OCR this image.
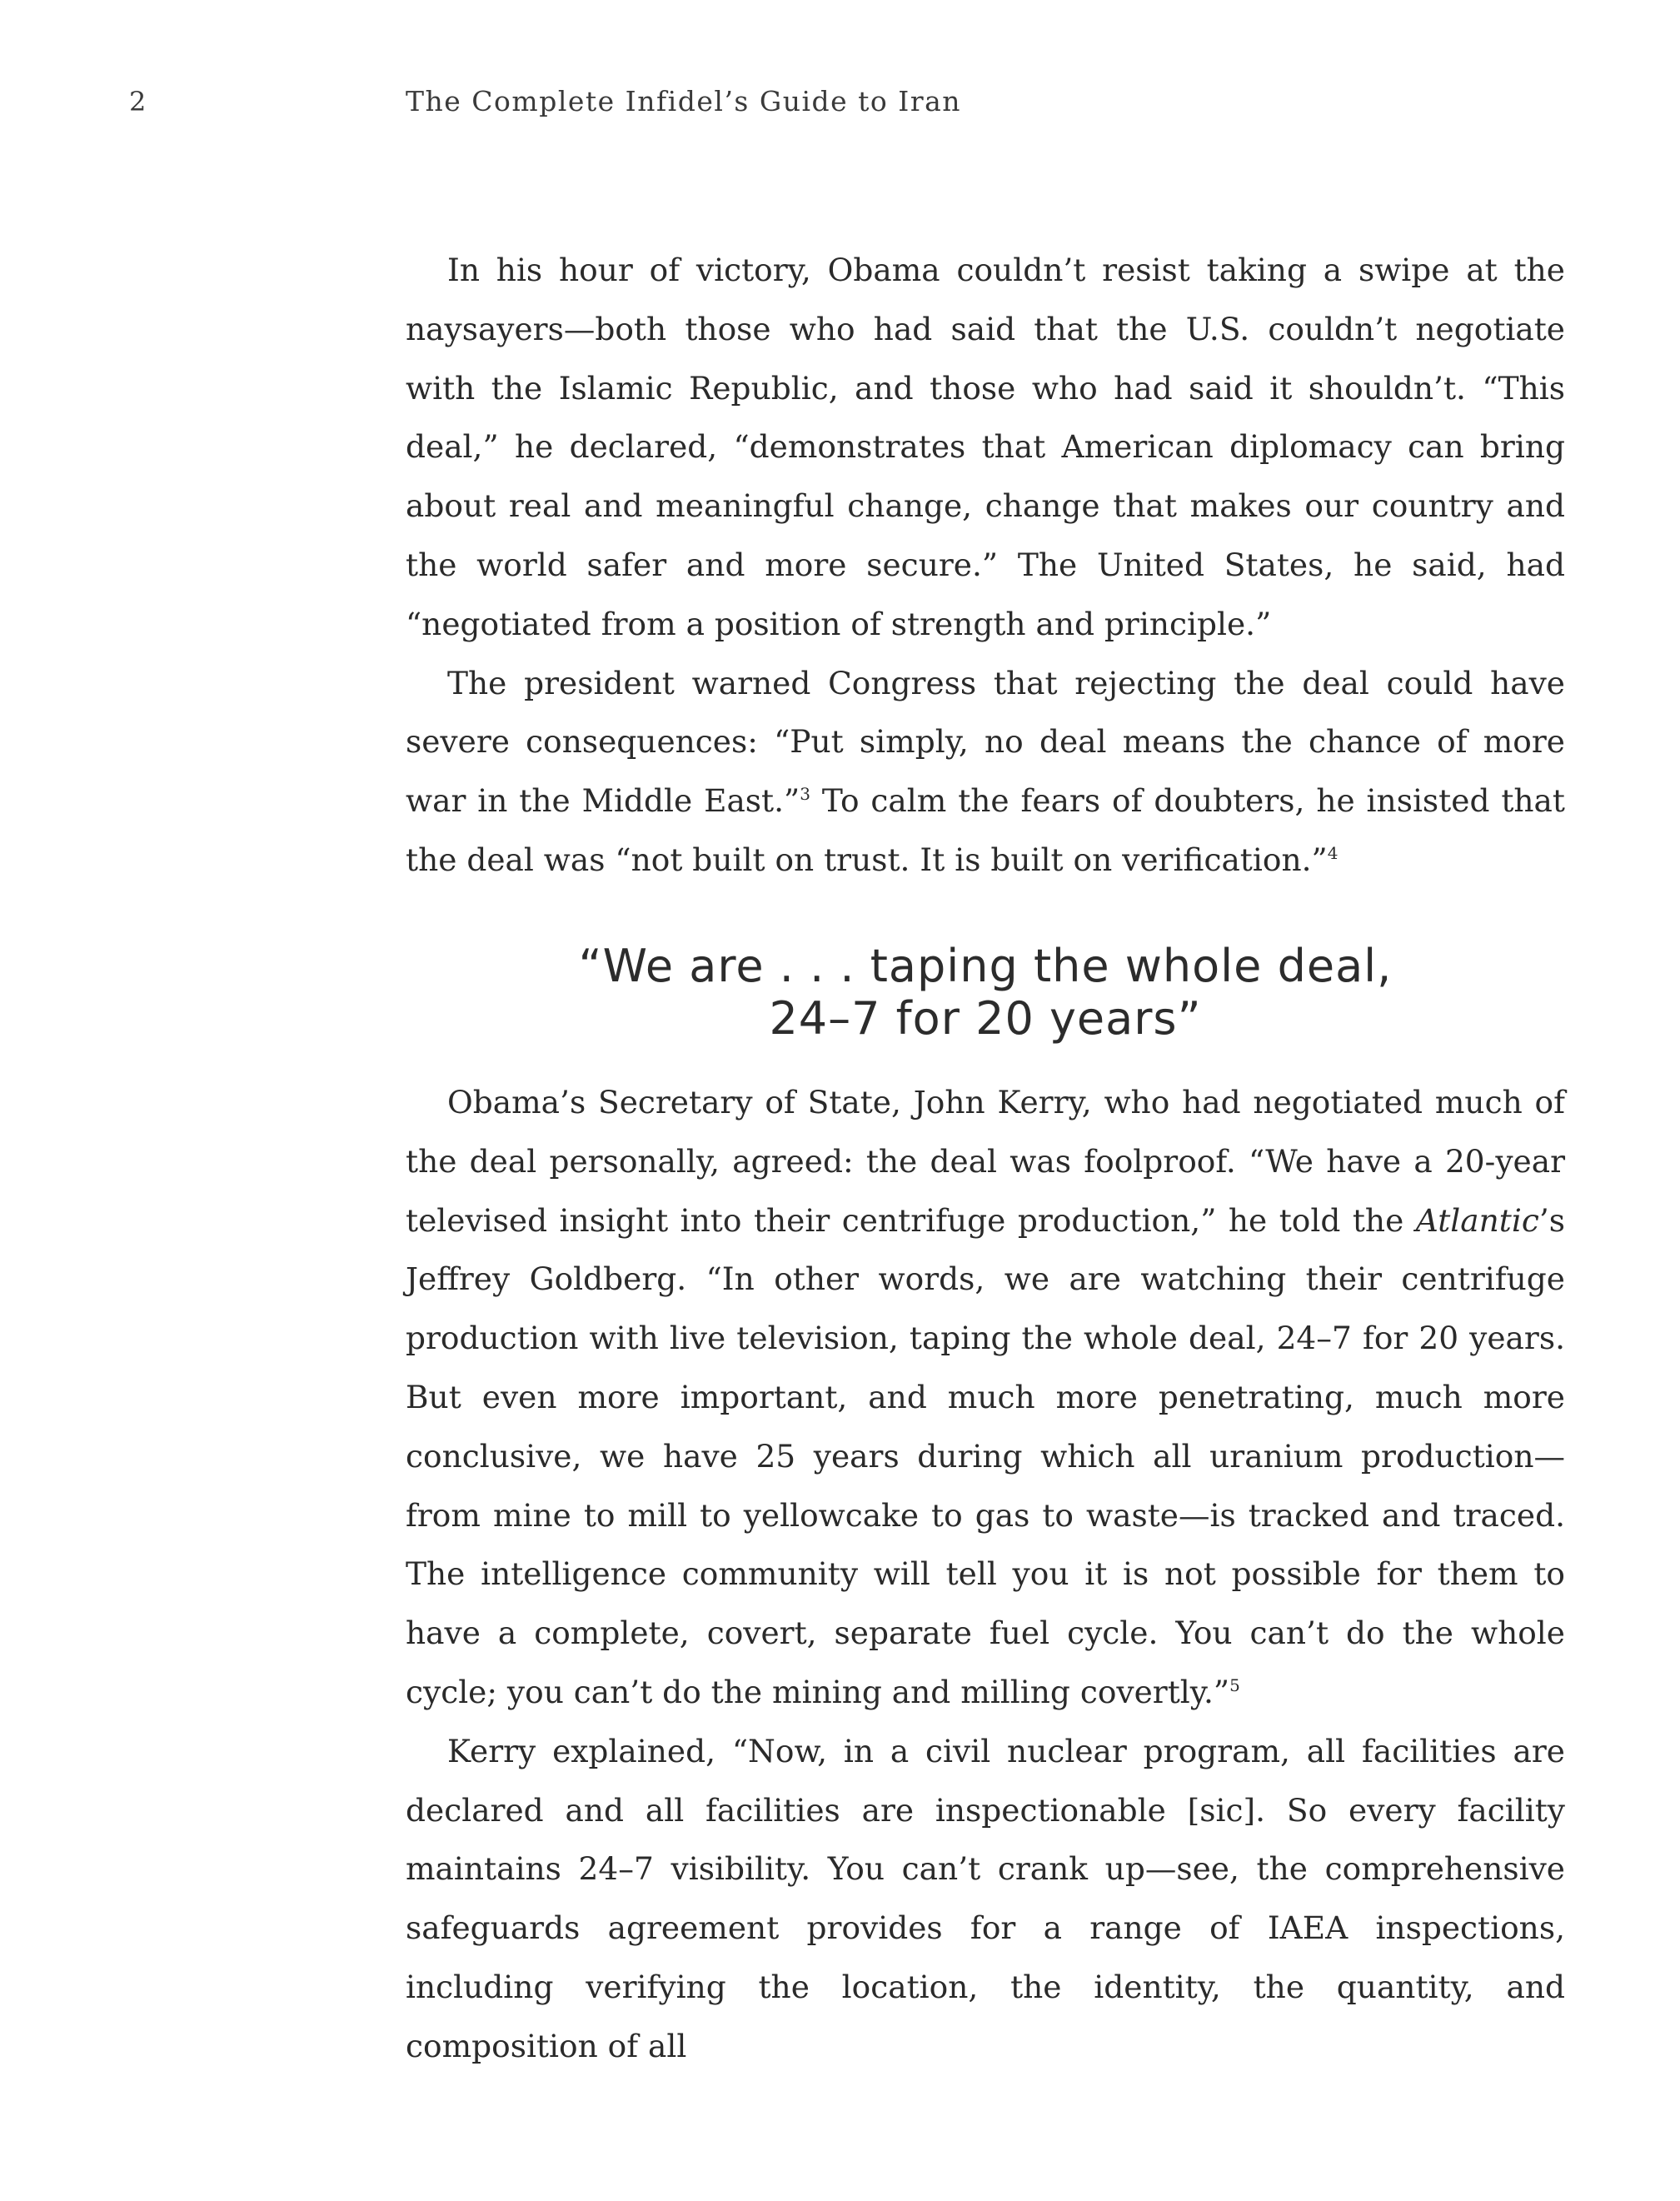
2	The Complete Infidel’s Guide to Iran

In his hour of victory, Obama couldn’t resist taking a swipe at the naysayers—both those who had said that the U.S. couldn’t negotiate with the Islamic Republic, and those who had said it shouldn’t. “This deal,” he declared, “demonstrates that American diplomacy can bring about real and meaningful change, change that makes our country and the world safer and more secure.” The United States, he said, had “negotiated from a position of strength and principle.”

The president warned Congress that rejecting the deal could have severe consequences: “Put simply, no deal means the chance of more war in the Middle East.”$^3$ To calm the fears of doubters, he insisted that the deal was “not built on trust. It is built on verification.”$^4$

“We are . . . taping the whole deal,
24–7 for 20 years”

Obama’s Secretary of State, John Kerry, who had negotiated much of the deal personally, agreed: the deal was foolproof. “We have a 20-year televised insight into their centrifuge production,” he told the Atlantic’s Jeffrey Goldberg. “In other words, we are watching their centrifuge production with live television, taping the whole deal, 24–7 for 20 years. But even more important, and much more penetrating, much more conclusive, we have 25 years during which all uranium production—from mine to mill to yellowcake to gas to waste—is tracked and traced. The intelligence community will tell you it is not possible for them to have a complete, covert, separate fuel cycle. You can’t do the whole cycle; you can’t do the mining and milling covertly.”$^5$

Kerry explained, “Now, in a civil nuclear program, all facilities are declared and all facilities are inspectionable [sic]. So every facility maintains 24–7 visibility. You can’t crank up—see, the comprehensive safeguards agreement provides for a range of IAEA inspections, including verifying the location, the identity, the quantity, and composition of all
